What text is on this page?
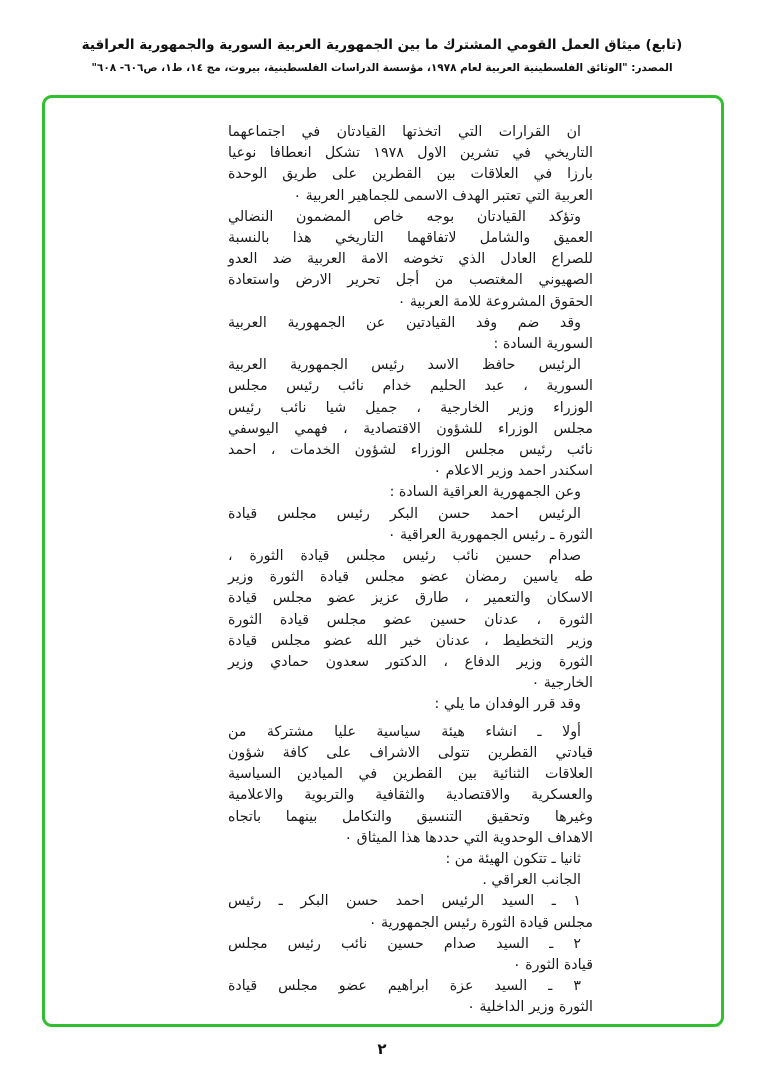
(تابع) ميثاق العمل القومي المشترك ما بين الجمهورية العربية السورية والجمهورية العراقية
المصدر: "الوثائق الفلسطينية العربية لعام ١٩٧٨، مؤسسة الدراسات الفلسطينية، بيروت، مج ١٤، ط١، ص٦٠٦- ٦٠٨"
ان القرارات التي اتخذتها القيادتان في اجتماعهما
التاريخي في تشرين الاول ١٩٧٨ تشكل انعطافا نوعيا
بارزا في العلاقات بين القطرين على طريق الوحدة
العربية التي تعتبر الهدف الاسمى للجماهير العربية ٠
وتؤكد القيادتان بوجه خاص المضمون النضالي
العميق والشامل لاتفاقهما التاريخي هذا بالنسبة
للصراع العادل الذي تخوضه الامة العربية ضد العدو
الصهيوني المغتصب من أجل تحرير الارض واستعادة
الحقوق المشروعة للامة العربية ٠
وقد ضم وفد القيادتين عن الجمهورية العربية
السورية السادة :
الرئيس حافظ الاسد رئيس الجمهورية العربية
السورية ، عبد الحليم خدام نائب رئيس مجلس
الوزراء وزير الخارجية ، جميل شيا نائب رئيس
مجلس الوزراء للشؤون الاقتصادية ، فهمي اليوسفي
نائب رئيس مجلس الوزراء لشؤون الخدمات ، احمد
اسكندر احمد وزير الاعلام ٠
وعن الجمهورية العراقية السادة :
الرئيس احمد حسن البكر رئيس مجلس قيادة
الثورة ـ رئيس الجمهورية العراقية ٠
صدام حسين نائب رئيس مجلس قيادة الثورة ،
طه ياسين رمضان عضو مجلس قيادة الثورة وزير
الاسكان والتعمير ، طارق عزيز عضو مجلس قيادة
الثورة ، عدنان حسين عضو مجلس قيادة الثورة
وزير التخطيط ، عدنان خير الله عضو مجلس قيادة
الثورة وزير الدفاع ، الدكتور سعدون حمادي وزير
الخارجية ٠
وقد قرر الوفدان ما يلي :
أولا ـ انشاء هيئة سياسية عليا مشتركة من
قيادتي القطرين تتولى الاشراف على كافة شؤون
العلاقات الثنائية بين القطرين في الميادين السياسية
والعسكرية والاقتصادية والثقافية والتربوية والاعلامية
وغيرها وتحقيق التنسيق والتكامل بينهما باتجاه
الاهداف الوحدوية التي حددها هذا الميثاق ٠
ثانيا ـ تتكون الهيئة من :
الجانب العراقي .
١ ـ السيد الرئيس احمد حسن البكر ـ رئيس
مجلس قيادة الثورة رئيس الجمهورية ٠
٢ ـ السيد صدام حسين نائب رئيس مجلس
قيادة الثورة ٠
٣ ـ السيد عزة ابراهيم عضو مجلس قيادة
الثورة وزير الداخلية ٠
٢
